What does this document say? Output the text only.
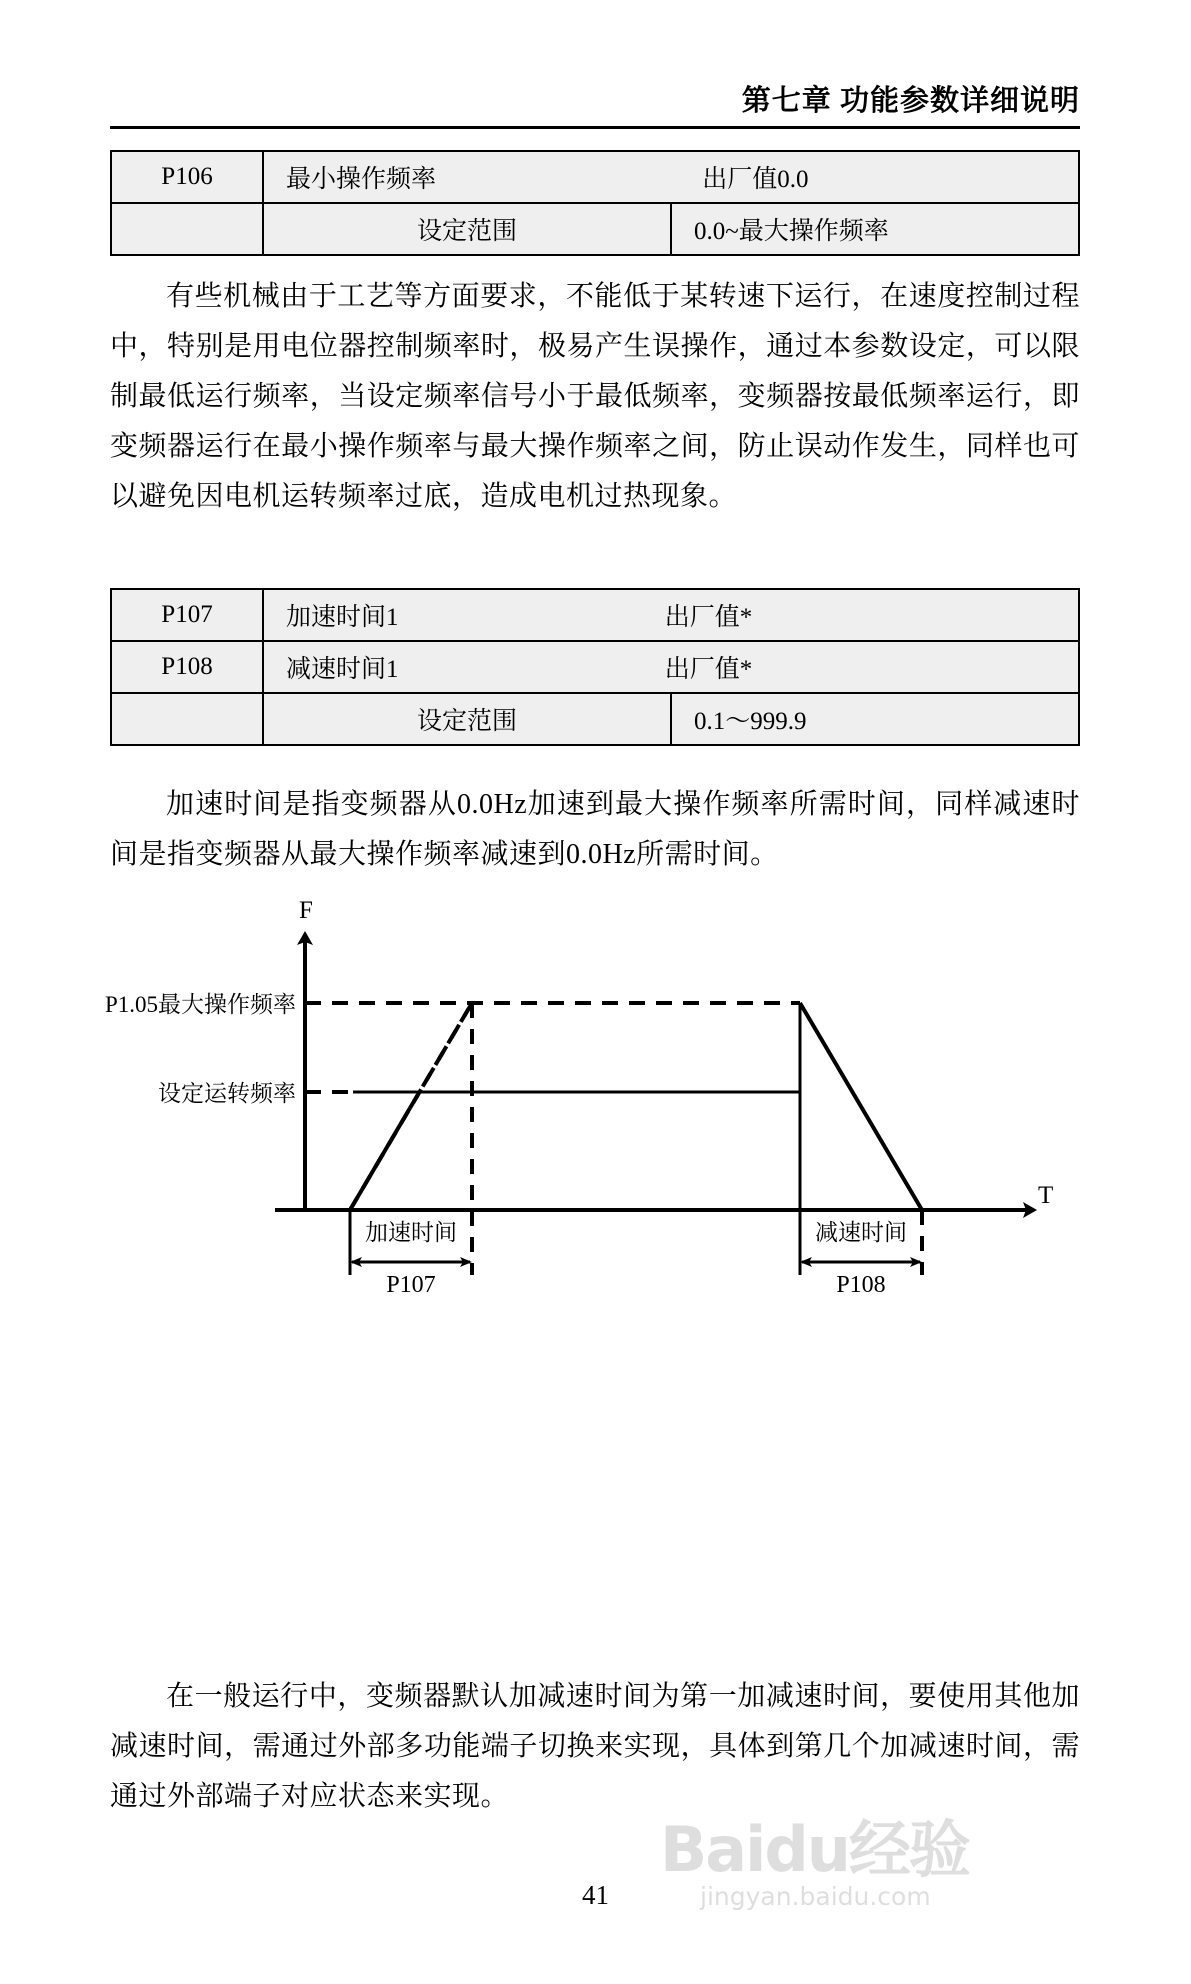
第七章 功能参数详细说明
P106	最小操作频率 出厂值0.0	
	设定范围	0.0~最大操作频率

有些机械由于工艺等方面要求，不能低于某转速下运行，在速度控制过程中，特别是用电位器控制频率时，极易产生误操作，通过本参数设定，可以限制最低运行频率，当设定频率信号小于最低频率，变频器按最低频率运行，即变频器运行在最小操作频率与最大操作频率之间，防止误动作发生，同样也可以避免因电机运转频率过底，造成电机过热现象。

P107	加速时间1 出厂值*	
P108	减速时间1 出厂值*	
	设定范围	0.1～999.9

加速时间是指变频器从0.0Hz加速到最大操作频率所需时间，同样减速时间是指变频器从最大操作频率减速到0.0Hz所需时间。

F
T
P1.05最大操作频率
设定运转频率
加速时间
P107
减速时间
P108

在一般运行中，变频器默认加减速时间为第一加减速时间，要使用其他加减速时间，需通过外部多功能端子切换来实现，具体到第几个加减速时间，需通过外部端子对应状态来实现。

41
Baidu经验
jingyan.baidu.com
